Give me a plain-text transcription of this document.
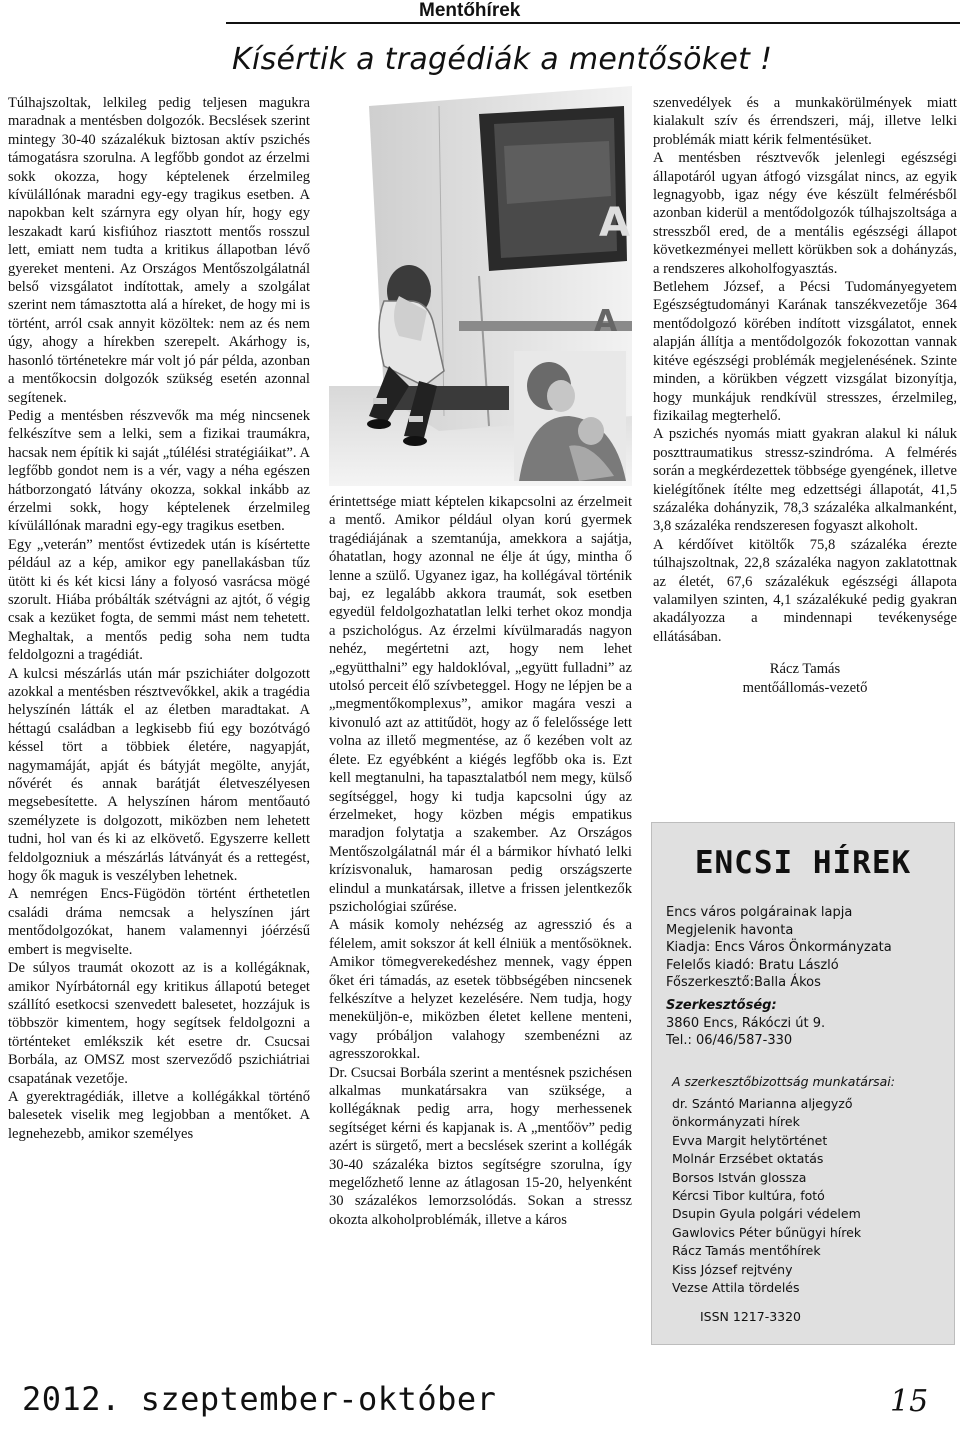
Mentőhírek
Kísértik a tragédiák a mentősöket !

Túlhajszoltak, lelkileg pedig teljesen magukra maradnak a mentésben dolgozók. Becslések szerint mintegy 30-40 százalékuk biztosan aktív pszichés támogatásra szorulna. A legfőbb gondot az érzelmi sokk okozza, hogy képtelenek érzelmileg kívülállónak maradni egy-egy tragikus esetben. A napokban kelt szárnyra egy olyan hír, hogy egy leszakadt karú kisfiúhoz riasztott mentős rosszul lett, emiatt nem tudta a kritikus állapotban lévő gyereket menteni. Az Országos Mentőszolgálatnál belső vizsgálatot indítottak, amely a szolgálat szerint nem támasztotta alá a híreket, de hogy mi is történt, arról csak annyit közöltek: nem az és nem úgy, ahogy a hírekben szerepelt. Akárhogy is, hasonló történetekre már volt jó pár példa, azonban a mentőkocsin dolgozók szükség esetén azonnal segítenek.

Pedig a mentésben részvevők ma még nincsenek felkészítve sem a lelki, sem a fizikai traumákra, hacsak nem építik ki saját „túlélési stratégiáikat”. A legfőbb gondot nem is a vér, vagy a néha egészen hátborzongató látvány okozza, sokkal inkább az érzelmi sokk, hogy képtelenek érzelmileg kívülállónak maradni egy-egy tragikus esetben.

Egy „veterán” mentőst évtizedek után is kísértette például az a kép, amikor egy panellakásban tűz ütött ki és két kicsi lány a folyosó vasrácsa mögé szorult. Hiába próbálták szétvágni az ajtót, ő végig csak a kezüket fogta, de semmi mást nem tehetett. Meghaltak, a mentős pedig soha nem tudta feldolgozni a tragédiát.

A kulcsi mészárlás után már pszichiáter dolgozott azokkal a mentésben résztvevőkkel, akik a tragédia helyszínén látták el az életben maradtakat. A héttagú családban a legkisebb fiú egy bozótvágó késsel tört a többiek életére, nagyapját, nagymamáját, apját és bátyját megölte, anyját, nővérét és annak barátját életveszélyesen megsebesítette. A helyszínen három mentőautó személyzete is dolgozott, miközben nem lehetett tudni, hol van és ki az elkövető. Egyszerre kellett feldolgozniuk a mészárlás látványát és a rettegést, hogy ők maguk is veszélyben lehetnek.

A nemrégen Encs-Fügödön történt érthetetlen családi dráma nemcsak a helyszínen járt mentődolgozókat, hanem valamennyi jóérzésű embert is megviselte.

De súlyos traumát okozott az is a kollégáknak, amikor Nyírbátornál egy kritikus állapotú beteget szállító esetkocsi szenvedett balesetet, hozzájuk is többször kimentem, hogy segítsek feldolgozni a történteket emlékszik két esetre dr. Csucsai Borbála, az OMSZ most szerveződő pszichiátriai csapatának vezetője.

A gyerektragédiák, illetve a kollégákkal történő balesetek viselik meg legjobban a mentőket. A legnehezebb, amikor személyes

A
A

érintettsége miatt képtelen kikapcsolni az érzelmeit a mentő. Amikor például olyan korú gyermek tragédiájának a szemtanúja, amekkora a sajátja, óhatatlan, hogy azonnal ne élje át úgy, mintha ő lenne a szülő. Ugyanez igaz, ha kollégával történik baj, ez legalább akkora traumát, sok esetben egyedül feldolgozhatatlan lelki terhet okoz mondja a pszichológus. Az érzelmi kívülmaradás nagyon nehéz, megértetni azt, hogy nem lehet „együtthalni” egy haldoklóval, „együtt fulladni” az utolsó perceit élő szívbeteggel. Hogy ne lépjen be a „megmentőkomplexus”, amikor magára veszi a kivonuló azt az attitűdöt, hogy az ő felelőssége lett volna az illető megmentése, az ő kezében volt az élete. Ez egyébként a kiégés legfőbb oka is. Ezt kell megtanulni, ha tapasztalatból nem megy, külső segítséggel, hogy ki tudja kapcsolni úgy az érzelmeket, hogy közben mégis empatikus maradjon folytatja a szakember. Az Országos Mentőszolgálatnál már él a bármikor hívható lelki krízisvonaluk, hamarosan pedig országszerte elindul a munkatársak, illetve a frissen jelentkezők pszichológiai szűrése.

A másik komoly nehézség az agresszió és a félelem, amit sokszor át kell élniük a mentősöknek. Amikor tömegverekedéshez mennek, vagy éppen őket éri támadás, az esetek többségében nincsenek felkészítve a helyzet kezelésére. Nem tudja, hogy meneküljön-e, miközben életet kellene menteni, vagy próbáljon valahogy szembenézni az agresszorokkal.

Dr. Csucsai Borbála szerint a mentésnek pszichésen alkalmas munkatársakra van szüksége, a kollégáknak pedig arra, hogy merhessenek segítséget kérni és kapjanak is. A „mentőöv” pedig azért is sürgető, mert a becslések szerint a kollégák 30-40 százaléka biztos segítségre szorulna, így megelőzhető lenne az átlagosan 15-20, helyenként 30 százalékos lemorzsolódás. Sokan a stressz okozta alkoholproblémák, illetve a káros

szenvedélyek és a munkakörülmények miatt kialakult szív és érrendszeri, máj, illetve lelki problémák miatt kérik felmentésüket.

A mentésben résztvevők jelenlegi egészségi állapotáról ugyan átfogó vizsgálat nincs, az egyik legnagyobb, igaz négy éve készült felmérésből azonban kiderül a mentődolgozók túlhajszoltsága a stresszből ered, de a mentális egészségi állapot következményei mellett körükben sok a dohányzás, a rendszeres alkoholfogyasztás.

Betlehem József, a Pécsi Tudományegyetem Egészségtudományi Karának tanszékvezetője 364 mentődolgozó körében indított vizsgálatot, ennek alapján állítja a mentődolgozók fokozottan vannak kitéve egészségi problémák megjelenésének. Szinte minden, a körükben végzett vizsgálat bizonyítja, hogy munkájuk rendkívül stresszes, érzelmileg, fizikailag megterhelő.

A pszichés nyomás miatt gyakran alakul ki náluk poszttraumatikus stressz-szindróma. A felmérés során a megkérdezettek többsége gyengének, illetve kielégítőnek ítélte meg edzettségi állapotát, 41,5 százaléka dohányzik, 78,3 százaléka alkalmanként, 3,8 százaléka rendszeresen fogyaszt alkoholt.

A kérdőívet kitöltők 75,8 százaléka érezte túlhajszoltnak, 22,8 százaléka nagyon zaklatottnak az életét, 67,6 százalékuk egészségi állapota valamilyen szinten, 4,1 százalékuké pedig gyakran akadályozza a mindennapi tevékenysége ellátásában.

Rácz Tamás
mentőállomás-vezető
ENCSI HÍREK
Encs város polgárainak lapja
Megjelenik havonta
Kiadja: Encs Város Önkormányzata
Felelős kiadó: Bratu László
Főszerkesztő:Balla Ákos
Szerkesztőség:
3860 Encs, Rákóczi út 9.
Tel.: 06/46/587-330
A szerkesztőbizottság munkatársai:
dr. Szántó Marianna aljegyző
önkormányzati hírek
Evva Margit helytörténet
Molnár Erzsébet oktatás
Borsos István glossza
Kércsi Tibor kultúra, fotó
Dsupin Gyula polgári védelem
Gawlovics Péter bűnügyi hírek
Rácz Tamás mentőhírek
Kiss József rejtvény
Vezse Attila tördelés
ISSN 1217-3320
2012. szeptember-október	15
